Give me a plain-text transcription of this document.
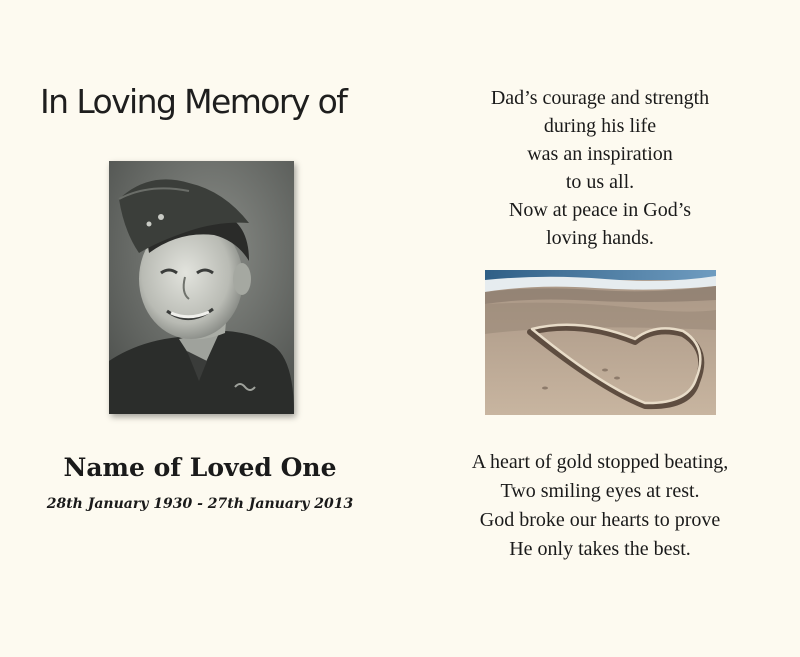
In Loving Memory of
Name of Loved One
28th January 1930 - 27th January 2013
Dad’s courage and strength
during his life
was an inspiration
to us all.
Now at peace in God’s
loving hands.
A heart of gold stopped beating,
Two smiling eyes at rest.
God broke our hearts to prove
He only takes the best.
